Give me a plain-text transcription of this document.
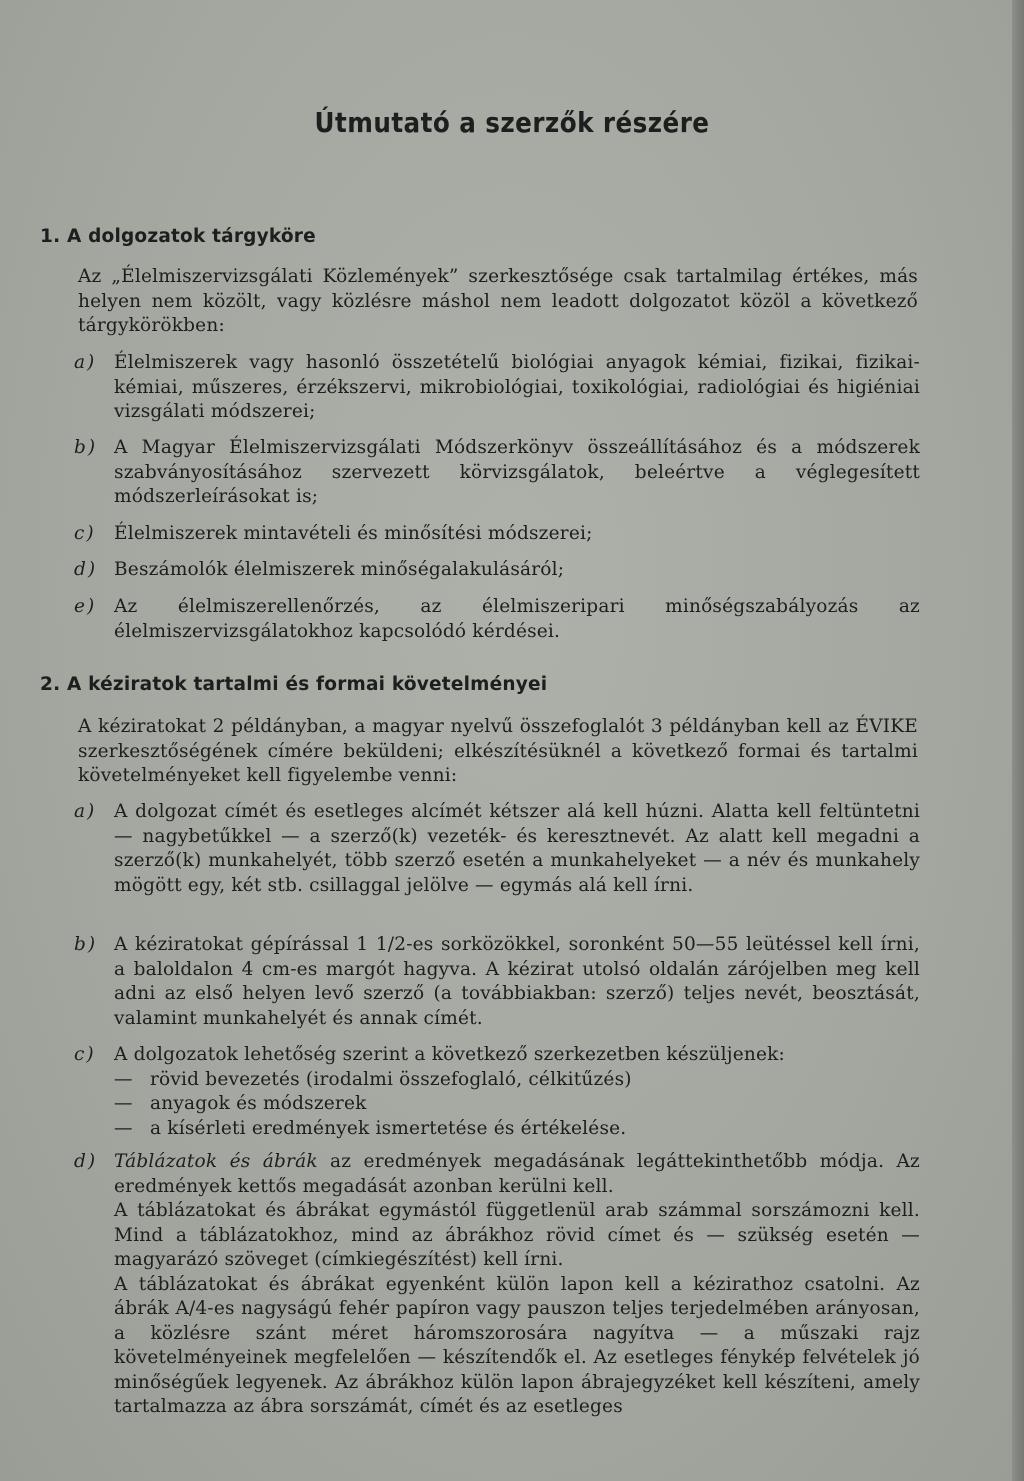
Útmutató a szerzők részére
1. A dolgozatok tárgyköre
Az „Élelmiszervizsgálati Közlemények” szerkesztősége csak tartalmilag értékes, más helyen nem közölt, vagy közlésre máshol nem leadott dolgozatot közöl a következő tárgykörökben:
a) Élelmiszerek vagy hasonló összetételű biológiai anyagok kémiai, fizikai, fizikai-kémiai, műszeres, érzékszervi, mikrobiológiai, toxikológiai, radiológiai és higiéniai vizsgálati módszerei;
b) A Magyar Élelmiszervizsgálati Módszerkönyv összeállításához és a módszerek szabványosításához szervezett körvizsgálatok, beleértve a véglegesített módszerleírásokat is;
c) Élelmiszerek mintavételi és minősítési módszerei;
d) Beszámolók élelmiszerek minőségalakulásáról;
e) Az élelmiszerellenőrzés, az élelmiszeripari minőségszabályozás az élelmiszervizsgálatokhoz kapcsolódó kérdései.
2. A kéziratok tartalmi és formai követelményei
A kéziratokat 2 példányban, a magyar nyelvű összefoglalót 3 példányban kell az ÉVIKE szerkesztőségének címére beküldeni; elkészítésüknél a következő formai és tartalmi követelményeket kell figyelembe venni:
a) A dolgozat címét és esetleges alcímét kétszer alá kell húzni. Alatta kell feltüntetni — nagybetűkkel — a szerző(k) vezeték- és keresztnevét. Az alatt kell megadni a szerző(k) munkahelyét, több szerző esetén a munkahelyeket — a név és munkahely mögött egy, két stb. csillaggal jelölve — egymás alá kell írni.
b) A kéziratokat gépírással 1 1/2-es sorközökkel, soronként 50—55 leütéssel kell írni, a baloldalon 4 cm-es margót hagyva. A kézirat utolsó oldalán zárójelben meg kell adni az első helyen levő szerző (a továbbiakban: szerző) teljes nevét, beosztását, valamint munkahelyét és annak címét.
c) A dolgozatok lehetőség szerint a következő szerkezetben készüljenek:
— rövid bevezetés (irodalmi összefoglaló, célkitűzés)
— anyagok és módszerek
— a kísérleti eredmények ismertetése és értékelése.
d) Táblázatok és ábrák az eredmények megadásának legáttekinthetőbb módja. Az eredmények kettős megadását azonban kerülni kell.
A táblázatokat és ábrákat egymástól függetlenül arab számmal sorszámozni kell. Mind a táblázatokhoz, mind az ábrákhoz rövid címet és — szükség esetén — magyarázó szöveget (címkiegészítést) kell írni.
A táblázatokat és ábrákat egyenként külön lapon kell a kézirathoz csatolni. Az ábrák A/4-es nagyságú fehér papíron vagy pauszon teljes terjedelmében arányosan, a közlésre szánt méret háromszorosára nagyítva — a műszaki rajz követelményeinek megfelelően — készítendők el. Az esetleges fénykép felvételek jó minőségűek legyenek. Az ábrákhoz külön lapon ábrajegyzéket kell készíteni, amely tartalmazza az ábra sorszámát, címét és az esetleges
